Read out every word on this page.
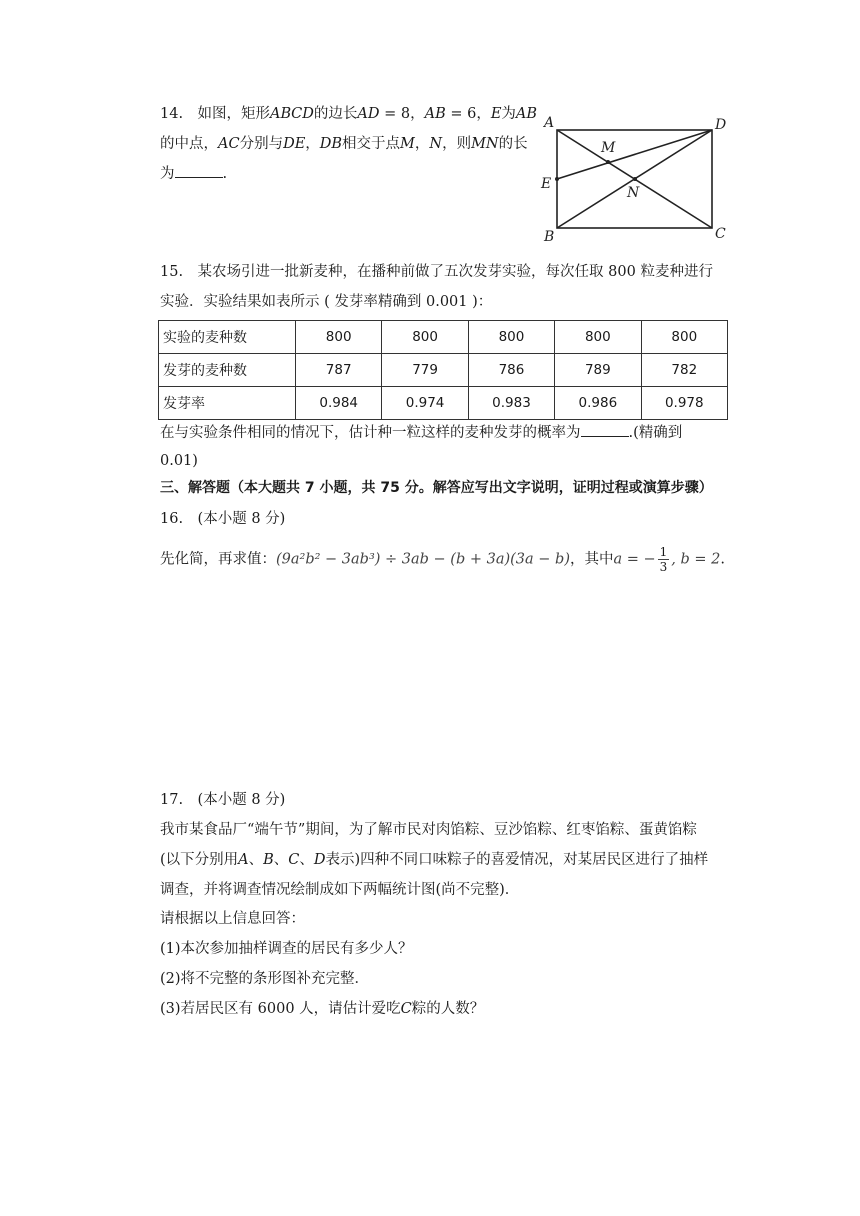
14.　如图，矩形𝐴𝐵𝐶𝐷的边长𝐴𝐷 = 8，𝐴𝐵 = 6，𝐸为𝐴𝐵
的中点，𝐴𝐶分别与𝐷𝐸，𝐷𝐵相交于点𝑀，𝑁，则𝑀𝑁的长
为	.
A	D
B	C
E
M
N
15.　某农场引进一批新麦种，在播种前做了五次发芽实验，每次任取 800 粒麦种进行
实验．实验结果如表所示 ( 发芽率精确到 0.001 )：
实验的麦种数	800	800	800	800	800
发芽的麦种数	787	779	786	789	782
发芽率	0.984	0.974	0.983	0.986	0.978
在与实验条件相同的情况下，估计种一粒这样的麦种发芽的概率为	.(精确到
0.01)
三、解答题（本大题共 7 小题，共 75 分。解答应写出文字说明，证明过程或演算步骤）
16.　(本小题 8 分)
先化简，再求值：(9a²b² − 3ab³) ÷ 3ab − (b + 3a)(3a − b)，其中a = − $\frac{1}{3}$ , b = 2.
17.　(本小题 8 分)
我市某食品厂“端午节”期间，为了解市民对肉馅粽、豆沙馅粽、红枣馅粽、蛋黄馅粽
(以下分别用𝐴、𝐵、𝐶、𝐷表示)四种不同口味粽子的喜爱情况，对某居民区进行了抽样
调查，并将调查情况绘制成如下两幅统计图(尚不完整)．
请根据以上信息回答：
(1)本次参加抽样调查的居民有多少人？
(2)将不完整的条形图补充完整．
(3)若居民区有 6000 人，请估计爱吃𝐶粽的人数？
